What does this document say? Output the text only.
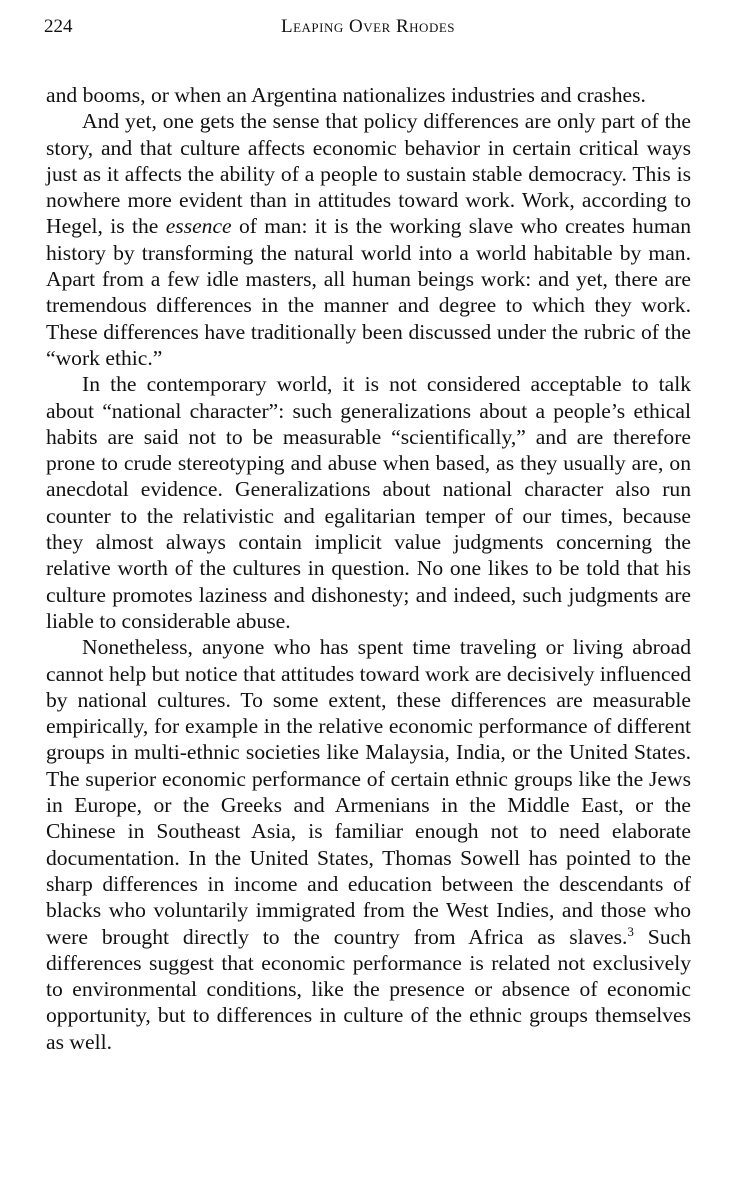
224	Leaping Over Rhodes

and booms, or when an Argentina nationalizes industries and crashes.

And yet, one gets the sense that policy differences are only part of the story, and that culture affects economic behavior in certain critical ways just as it affects the ability of a people to sustain stable democracy. This is nowhere more evident than in attitudes toward work. Work, according to Hegel, is the essence of man: it is the working slave who creates human history by transforming the natural world into a world habitable by man. Apart from a few idle masters, all human beings work: and yet, there are tremendous differences in the manner and degree to which they work. These differences have traditionally been discussed under the rubric of the “work ethic.”

In the contemporary world, it is not considered acceptable to talk about “national character”: such generalizations about a people’s ethical habits are said not to be measurable “scientifically,” and are therefore prone to crude stereotyping and abuse when based, as they usually are, on anecdotal evidence. Generalizations about national character also run counter to the relativistic and egalitarian temper of our times, because they almost always contain implicit value judgments concerning the relative worth of the cultures in question. No one likes to be told that his culture promotes laziness and dishonesty; and indeed, such judgments are liable to considerable abuse.

Nonetheless, anyone who has spent time traveling or living abroad cannot help but notice that attitudes toward work are decisively influenced by national cultures. To some extent, these differences are measurable empirically, for example in the relative economic performance of different groups in multi-ethnic societies like Malaysia, India, or the United States. The superior economic performance of certain ethnic groups like the Jews in Europe, or the Greeks and Armenians in the Middle East, or the Chinese in Southeast Asia, is familiar enough not to need elaborate documentation. In the United States, Thomas Sowell has pointed to the sharp differences in income and education between the descendants of blacks who voluntarily immigrated from the West Indies, and those who were brought directly to the country from Africa as slaves.$^3$ Such differences suggest that economic performance is related not exclusively to environmental conditions, like the presence or absence of economic opportunity, but to differences in culture of the ethnic groups themselves as well.
